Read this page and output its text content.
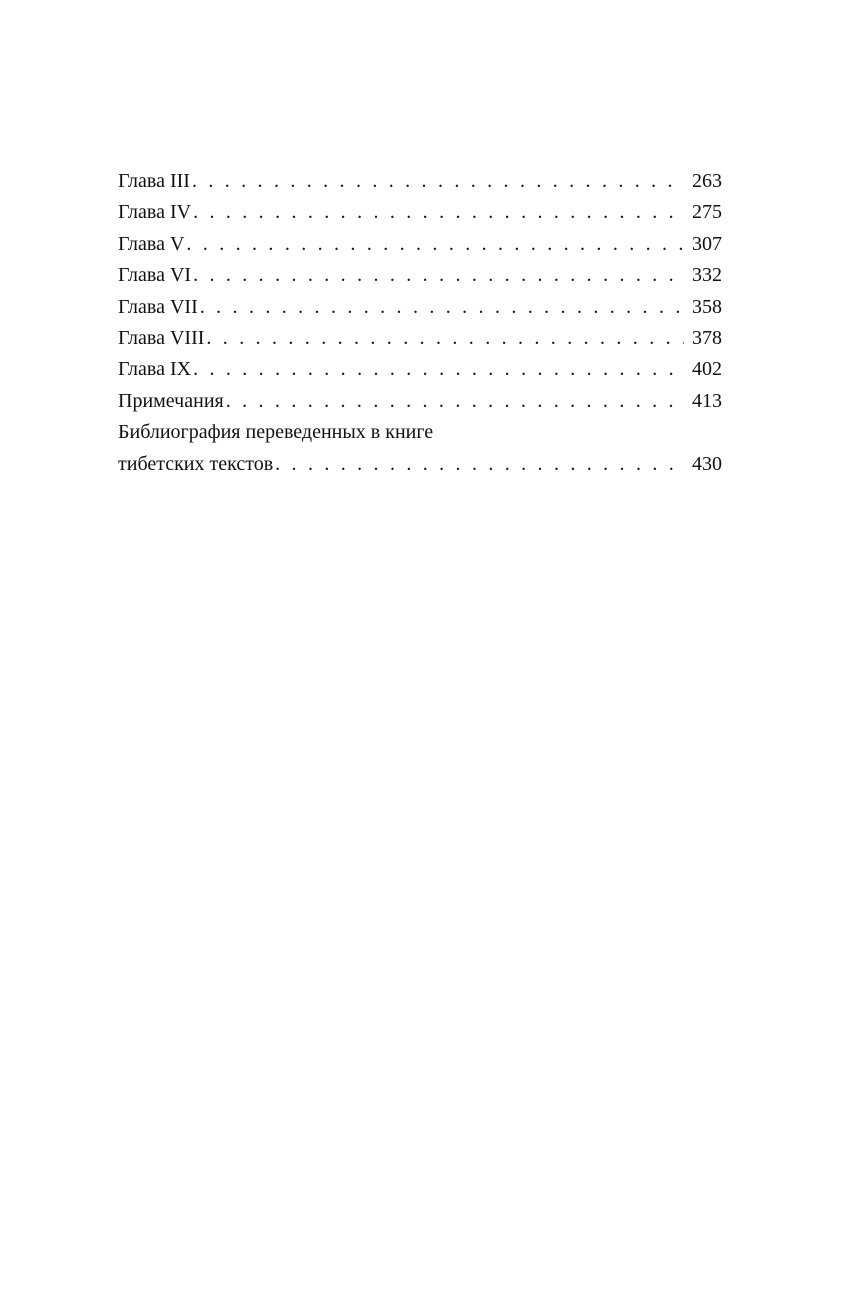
Глава III . . .	263
Глава IV . . .	275
Глава V . . .	307
Глава VI . . .	332
Глава VII . . .	358
Глава VIII . . .	378
Глава IX . . .	402
Примечания . . .	413
Библиография переведенных в книге
тибетских текстов . . .	430
